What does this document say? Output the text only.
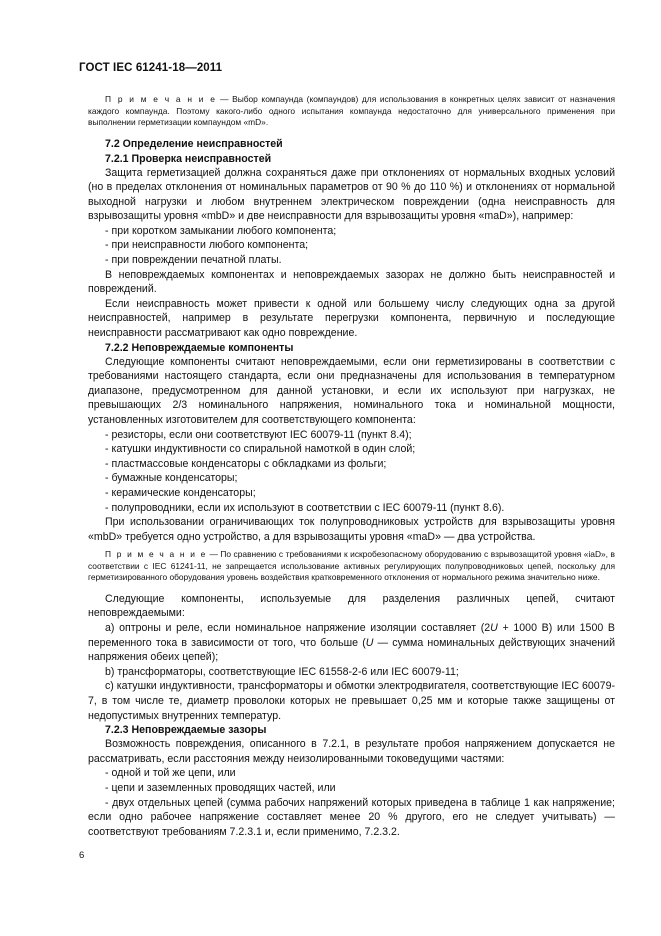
ГОСТ IEC 61241-18—2011

П р и м е ч а н и е — Выбор компаунда (компаундов) для использования в конкретных целях зависит от назначения каждого компаунда. Поэтому какого-либо одного испытания компаунда недостаточно для универсального применения при выполнении герметизации компаундом «mD».

7.2 Определение неисправностей
7.2.1 Проверка неисправностей

Защита герметизацией должна сохраняться даже при отклонениях от нормальных входных условий (но в пределах отклонения от номинальных параметров от 90 % до 110 %) и отклонениях от нормальной выходной нагрузки и любом внутреннем электрическом повреждении (одна неисправность для взрывозащиты уровня «mbD» и две неисправности для взрывозащиты уровня «maD»), например:

- при коротком замыкании любого компонента;

- при неисправности любого компонента;

- при повреждении печатной платы.

В неповреждаемых компонентах и неповреждаемых зазорах не должно быть неисправностей и повреждений.

Если неисправность может привести к одной или большему числу следующих одна за другой неисправностей, например в результате перегрузки компонента, первичную и последующие неисправности рассматривают как одно повреждение.

7.2.2 Неповреждаемые компоненты

Следующие компоненты считают неповреждаемыми, если они герметизированы в соответствии с требованиями настоящего стандарта, если они предназначены для использования в температурном диапазоне, предусмотренном для данной установки, и если их используют при нагрузках, не превышающих 2/3 номинального напряжения, номинального тока и номинальной мощности, установленных изготовителем для соответствующего компонента:

- резисторы, если они соответствуют IEC 60079-11 (пункт 8.4);

- катушки индуктивности со спиральной намоткой в один слой;

- пластмассовые конденсаторы с обкладками из фольги;

- бумажные конденсаторы;

- керамические конденсаторы;

- полупроводники, если их используют в соответствии с IEC 60079-11 (пункт 8.6).

При использовании ограничивающих ток полупроводниковых устройств для взрывозащиты уровня «mbD» требуется одно устройство, а для взрывозащиты уровня «maD» — два устройства.

П р и м е ч а н и е — По сравнению с требованиями к искробезопасному оборудованию с взрывозащитой уровня «iaD», в соответствии с IEC 61241-11, не запрещается использование активных регулирующих полупроводниковых цепей, поскольку для герметизированного оборудования уровень воздействия кратковременного отклонения от нормального режима значительно ниже.

Следующие компоненты, используемые для разделения различных цепей, считают неповреждаемыми:

а) оптроны и реле, если номинальное напряжение изоляции составляет (2U + 1000 В) или 1500 В переменного тока в зависимости от того, что больше (U — сумма номинальных действующих значений напряжения обеих цепей);

b) трансформаторы, соответствующие IEC 61558-2-6 или IEC 60079-11;

с) катушки индуктивности, трансформаторы и обмотки электродвигателя, соответствующие IEC 60079-7, в том числе те, диаметр проволоки которых не превышает 0,25 мм и которые также защищены от недопустимых внутренних температур.

7.2.3 Неповреждаемые зазоры

Возможность повреждения, описанного в 7.2.1, в результате пробоя напряжением допускается не рассматривать, если расстояния между неизолированными токоведущими частями:

- одной и той же цепи, или

- цепи и заземленных проводящих частей, или

- двух отдельных цепей (сумма рабочих напряжений которых приведена в таблице 1 как напряжение; если одно рабочее напряжение составляет менее 20 % другого, его не следует учитывать) — соответствуют требованиям 7.2.3.1 и, если применимо, 7.2.3.2.

6
